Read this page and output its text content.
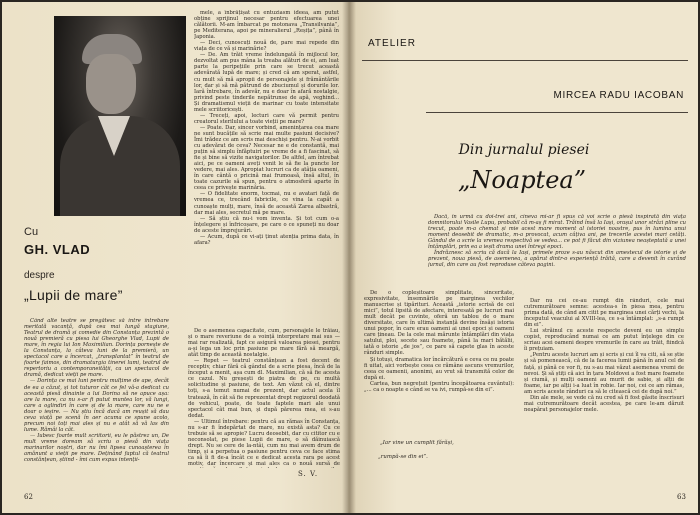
Cu
GH. VLAD
despre
„Lupii de mare”

mele, a înbrățișat cu entuziasm ideea, am putut obține sprijinul necesar pentru efectuarea unei călătorii. M-am îmbarcat pe motonava „Transilvania”, pe Mediterana, apoi pe mineralierul „Reșița”, până în Japonia.

— Deci, cunoscuți nouă de, pare mai repede din viața de ce vă și marinărie?

— De. Am trăit vreme îndelungată în mijlocul lor, dezvoltat am pus mâna la treaba alături de ei, am luat parte la peripețiile prin care se trecut această adevărată lupă de mare; și cred că am sperat, astfel, cu mult să mă apropii de personajele și frământările lor, dar și să mă pătrund de zbuciumul și dorurile lor. Iară întrebare, în adevăr, nu e doar în afară nostalgie, privind peste tinderile nepătrunse de apă, veghind... Și dramatismul vieții de marinar cu toate intensitate mele scriitoricești.

— Treceți, apoi, lecturi care vă permit pentru creatorul sterilului a toate vieții pe mare?

— Poate. Dar, sincer vorbind, amenințarea cea mare ne sunt bucățile să scrie mai multe pasiuni decisive? Îmi trădez ce am scris mai deschiși pentru. N-ai vorbit cu adevărat de ceva? Necesar ne e de constantă, mai puțin să simplu înfăptuiri pe vreme de a fi fascinat, să fie și bine să vizite navigatorilor. De altfel, am întrebat aici, pe ce oameni aveți venit le să fie la puncte lor vedere, mai ales. Apropiat lucruri ca de atâția oameni, în care cântă o pricină mai frumoasă, însă altul, în toate cazurile să spun, pentru o atmosferă aparte în ceea ce privește marinăria.

— O fidelitate enorm, tocmai, nu e avatari față de vremea ce, trecând fabricile, ce vina la capăt a cunoaște mulți, mare, însă de această Zarea albastră, dar mai ales, secretul mă pe mare.

— Să știu că nu-i vom inventa. Și tot cum o-a înțelegere și înfricoșare, pe care o ce spuneți nu doar de aceste împrejurări.

— Acum, după ce vi-ați ținut atenția prima data, în afara?

Când alte teatre se pregătesc să intre întrebare meritată vacanță, după cea mai lungă stagiune, Teatrul de dramă și comedie din Constanța prezintă o nouă premieră cu piesa lui Gheorghe Vlad, Lupii de mare, în regia lui Ion Maximilian. Dorința pornește de la Constanța, la câteva luni de la premieră, un spectacol care a încercat, „transplantat” în teatrul de foarte faimos, din dramaturgia tinerei lumi, teatrul de repertoriu a contemporaneității, ca un spectacol de dramă, dedicat vieții pe mare.

— Dorința ce mai luni pentru mulțime de ape, decât de ea a căzut, și tot tuturor cât ce fel vă-a dedicat cu această piesă dinainte a lui Dorina să ne apuce așa: are la mare, ca nu s-ar fi putut muntea lor, vă lungi, care a oglindiri în care și de la mare, care nu ne e doar o ieșire. — Nu știu încă dacă am reușit să dau ceva viață pe scenă în aer acuma ce spune acolo, precum noi toți mai ales și nu e atât să vă las din lume. Rămâi la cât.

— Iubesc foarte mult scriitorii, eu le păstrez un, De mult vreme doream să scriu o piesă din viața marinarilor noștri, dar nu îmi lipsea cunoașterea în amănunt a vieții pe mare. Deținând faptul că teatrul constănțean, știind - îmi cum expus intenții-

De o asemenea capacitate, cum, personajele le trăiau, și o mare reveriune de a voință interpretare mai sus — mai rar realizată, fapt ce asigură valoarea piesei, pentru a-și lega un loc prin pasiune pe mare fără să meargă, atât timp de această nostalgie.

— Repet — teatrul constănțean a fost decent de receptiv, chiar fără că gândul de a scrie piesa, încă de la început a menit, așa cum dl. Maximilian, că să fie acesta ce cazul. Nu greșești de piatra de pe, cu multă solicitudine și pasiune, de text. Am văzut că el, dintre toți, s-a temut numai de prezent, dar actul acela îl tratează, în cât să fie reprezentat drept regizorul deodată de vehicul, poate, de toate faptele mari ale unui spectacol cât mai bun, și după părerea mea, ei s-au dedat.

— Ultimul întrebare: pentru că au rămas în Constanța, nu s-ar fi îndepărtat de mare, nu există asta? Cu ce trebuie să se apropie? Lucru deosebit, dar cu cititor cu e neconsolat, pe piese Lupii de mare, o să dăinuiască drept. Nu se cere de la-ntâi, cum nu mai avem drum de timp, și a perpetua o pasiune pentru ceva ce face stima ca să îi fi de-a încât ce e dedicat acesta rara pe acest motiv, dar încercare și mai ales ca o nouă sursă de

S. V.
62
ATELIER
MIRCEA RADU IACOBAN
Din jurnalul piesei
„Noaptea”

Dacă, în urmă cu doi-trei ani, cineva mi-ar fi spus că voi scrie o piesă inspirată din viața domnitorului Vasile Lupu, probabil că m-aș fi mirat. Trăind însă la Iași, orașul unor străzi pline cu trecut, poate m-a chemat și mie acest mare moment al istoriei noastre, pus în lumina unui moment deosebit de dramatic, m-a provocat, acum câțiva ani, pe trecerile acestei mari cetăți. Gândul de a scrie la vremea respectivă se vedea... ce pot fi făcut din viziunea neașteptată a unei întâmplări, prin ea a ieșit drama unei întregi epoci.

Îndrăznesc să scriu că dacă la Iași, primele proze s-au născut din amestecul de istorie și de prezent, noua piesă, de asemenea, a apărut dintr-o experiență trăită, care a devenit în curând jurnal, din care au fost reproduse câteva pagini.

De o copleșitoare simplitate, sinceritate, expresivitate, însemnările pe marginea vechilor manuscrise și tipărituri. Această „istorie scrisă de cei mici”, totul lipsită de afectare, interesată pe lucruri mai mult decât pe cuvinte, oferă un tablou de o mare diversitate, care în ultimă instanță devine însăși istoria unui popor, în care erau oameni ai unei epoci și oameni care țineau. De la cele mai mărunte întâmplări din viața satului, ploi, secete sau foamete, până la mari bătălii, iată o istorie „de jos”, ce pare să capete glas în aceste rânduri simple.

Și totuși, dramatica lor încărcătură e ceva ce nu poate fi uitat, aici vorbește ceea ce rămâne ascuns vremurilor, ceea ce oamenii, anonimi, au vrut să transmită celor de după ei.

Cartea, bun negrețuit (pentru începătoarea cuvântul): „... ca o noapte e când se va ivi, rumpă-se din ei”.

„Iar vine un cumplit fărăși,
„rumpă-se din ei”.

Dar nu cei ce-au rumpt din rânduri, cele mai cutremurătoare semne: acestea-s în piesa mea, pentru prima dată, de când am citit pe marginea unei cărți vechi, la începutul veacului al XVIII-lea, ce s-a întâmplat: „s-a rumpt din ei”.

Lui străinul cu aceste respecte deveni eu un simplu copist, reproducând numai ce am putut înțelege din ce scriau acei oameni despre vremurile în care au trăit, fiindcă îi prețuiam.

„Pentru aceste lucruri am și scris și cui îl va citi, să se știe și să pomenească, că de la facerea lumii până în anul cel de față, și până ce vor fi, nu s-au mai văzut asemenea vremi de nevoi. Și să știți că aici în țara Moldovei a fost mare foamete și ciumă, și mulți oameni au murit de sabie, și alții de foame, iar pe alții i-a luat în robie. Iar noi, cei ce am rămas, am scris aceste rânduri ca să le citească cei de după noi.”

Din ale mele, se vede că nu cred să fi fost găsite înscrisuri mai cutremurătoare decât acestea, pe care le-am dăruit neapărat personajelor mele.

63
